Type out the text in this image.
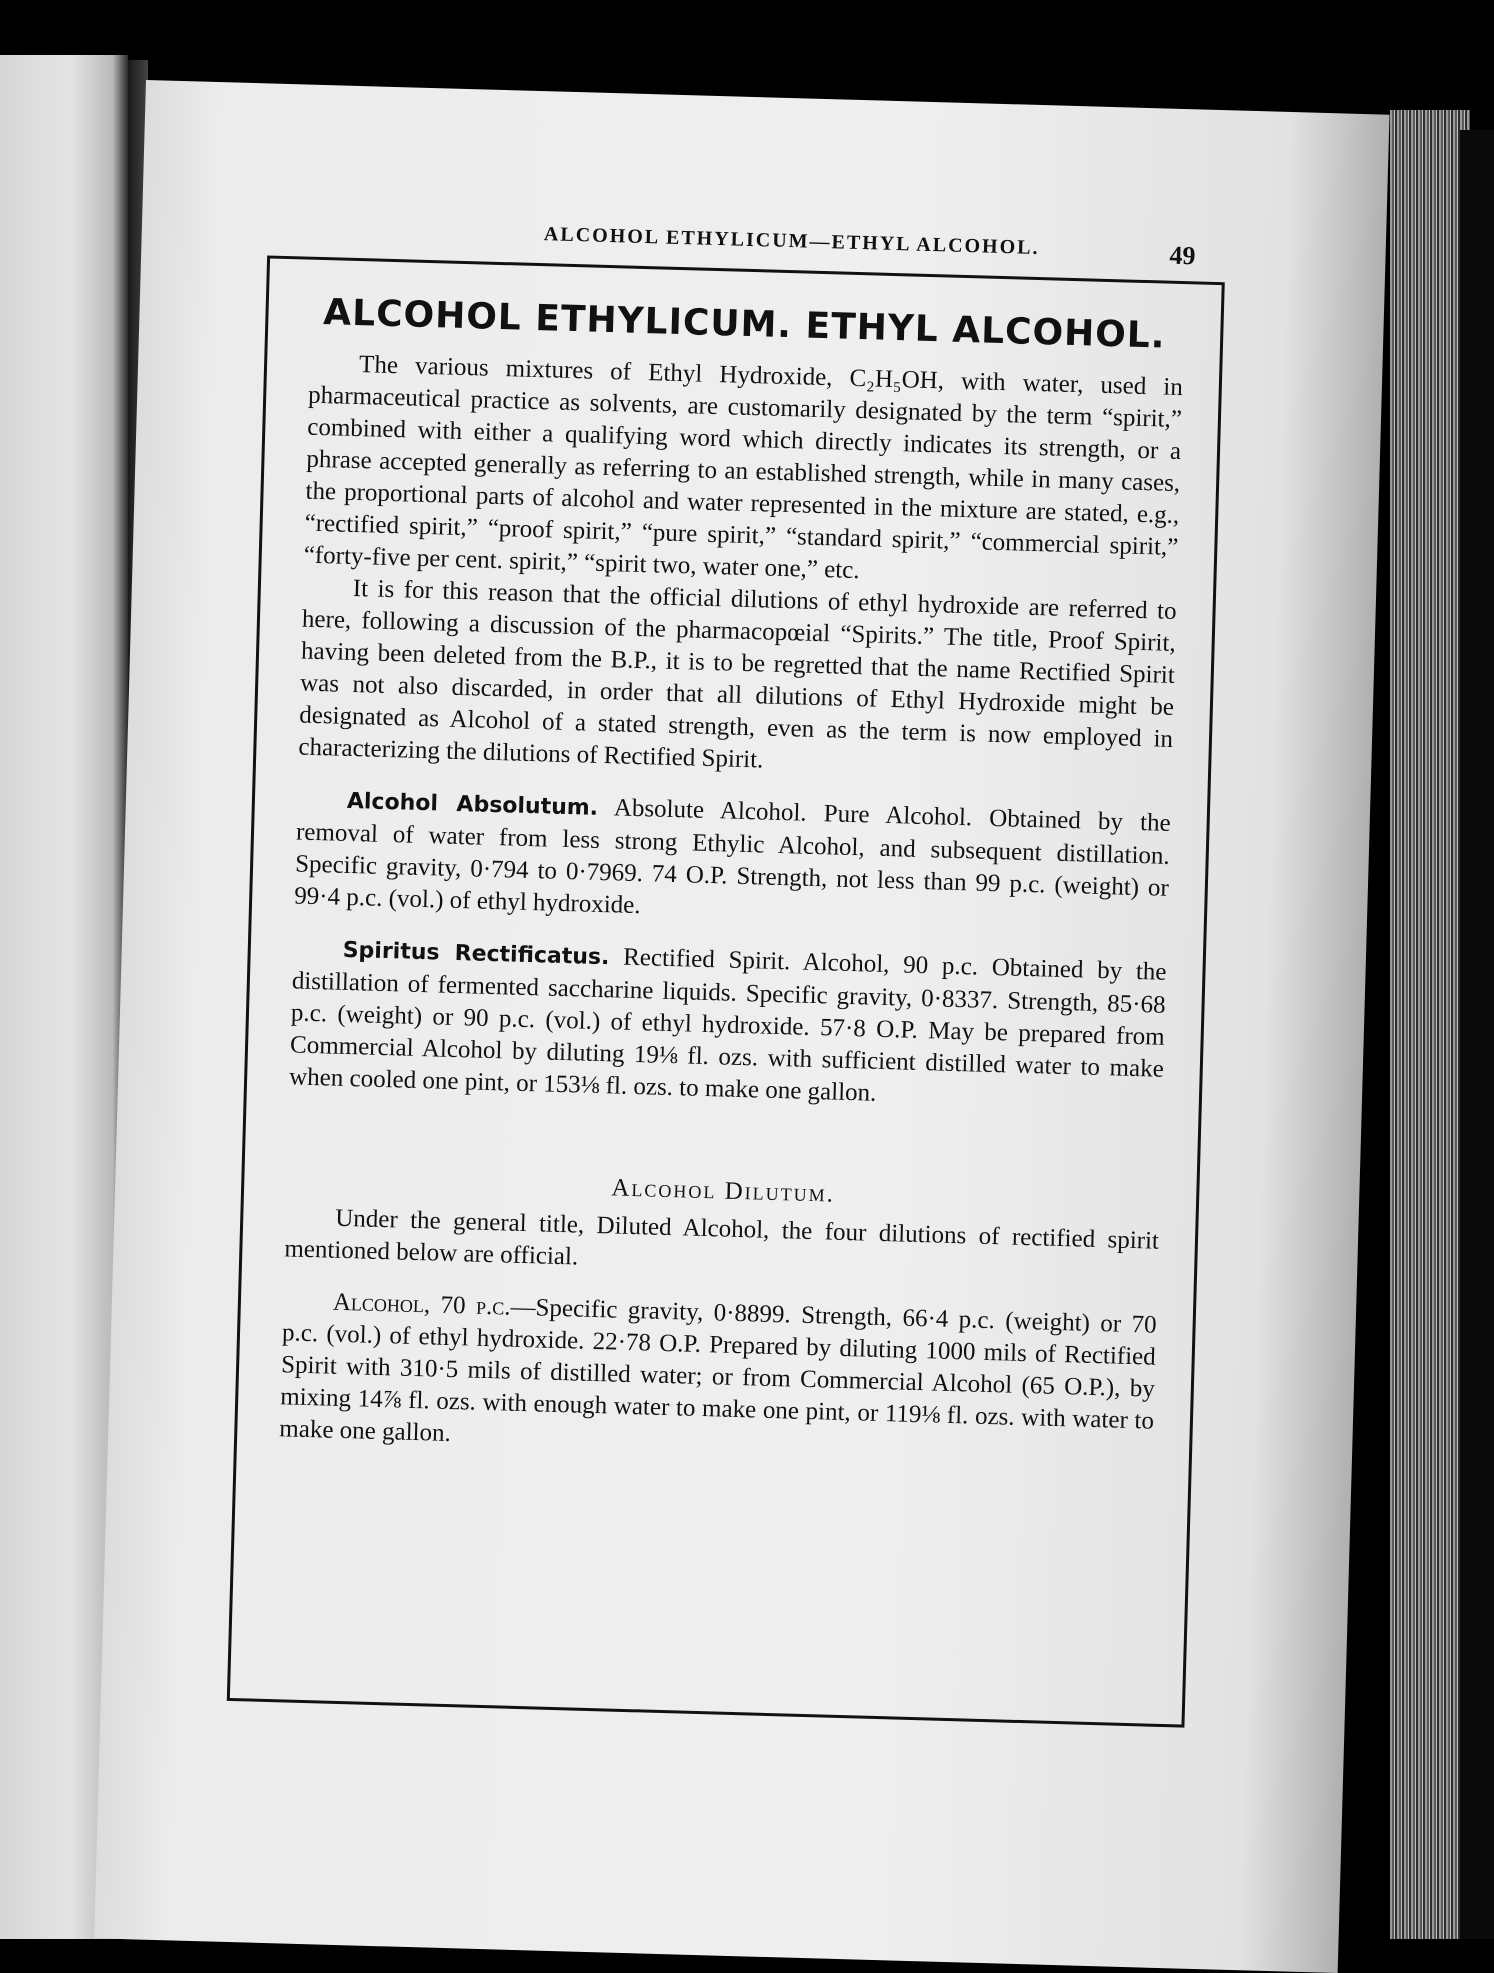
ALCOHOL ETHYLICUM—ETHYL ALCOHOL.	49
ALCOHOL ETHYLICUM. ETHYL ALCOHOL.

The various mixtures of Ethyl Hydroxide, C₂H₅OH, with water, used in pharmaceutical practice as solvents, are customarily designated by the term “spirit,” combined with either a qualifying word which directly indicates its strength, or a phrase accepted generally as referring to an established strength, while in many cases, the proportional parts of alcohol and water represented in the mixture are stated, e.g., “rectified spirit,” “proof spirit,” “pure spirit,” “standard spirit,” “commercial spirit,” “forty-five per cent. spirit,” “spirit two, water one,” etc.

It is for this reason that the official dilutions of ethyl hydroxide are referred to here, following a discussion of the pharmacopœial “Spirits.” The title, Proof Spirit, having been deleted from the B.P., it is to be regretted that the name Rectified Spirit was not also discarded, in order that all dilutions of Ethyl Hydroxide might be designated as Alcohol of a stated strength, even as the term is now employed in characterizing the dilutions of Rectified Spirit.

Alcohol Absolutum. Absolute Alcohol. Pure Alcohol. Obtained by the removal of water from less strong Ethylic Alcohol, and subsequent distillation. Specific gravity, 0·794 to 0·7969. 74 O.P. Strength, not less than 99 p.c. (weight) or 99·4 p.c. (vol.) of ethyl hydroxide.

Spiritus Rectificatus. Rectified Spirit. Alcohol, 90 p.c. Obtained by the distillation of fermented saccharine liquids. Specific gravity, 0·8337. Strength, 85·68 p.c. (weight) or 90 p.c. (vol.) of ethyl hydroxide. 57·8 O.P. May be prepared from Commercial Alcohol by diluting 19⅛ fl. ozs. with sufficient distilled water to make when cooled one pint, or 153⅛ fl. ozs. to make one gallon.

Alcohol Dilutum.

Under the general title, Diluted Alcohol, the four dilutions of rectified spirit mentioned below are official.

Alcohol, 70 p.c.—Specific gravity, 0·8899. Strength, 66·4 p.c. (weight) or 70 p.c. (vol.) of ethyl hydroxide. 22·78 O.P. Prepared by diluting 1000 mils of Rectified Spirit with 310·5 mils of distilled water; or from Commercial Alcohol (65 O.P.), by mixing 14⅞ fl. ozs. with enough water to make one pint, or 119⅛ fl. ozs. with water to make one gallon.
